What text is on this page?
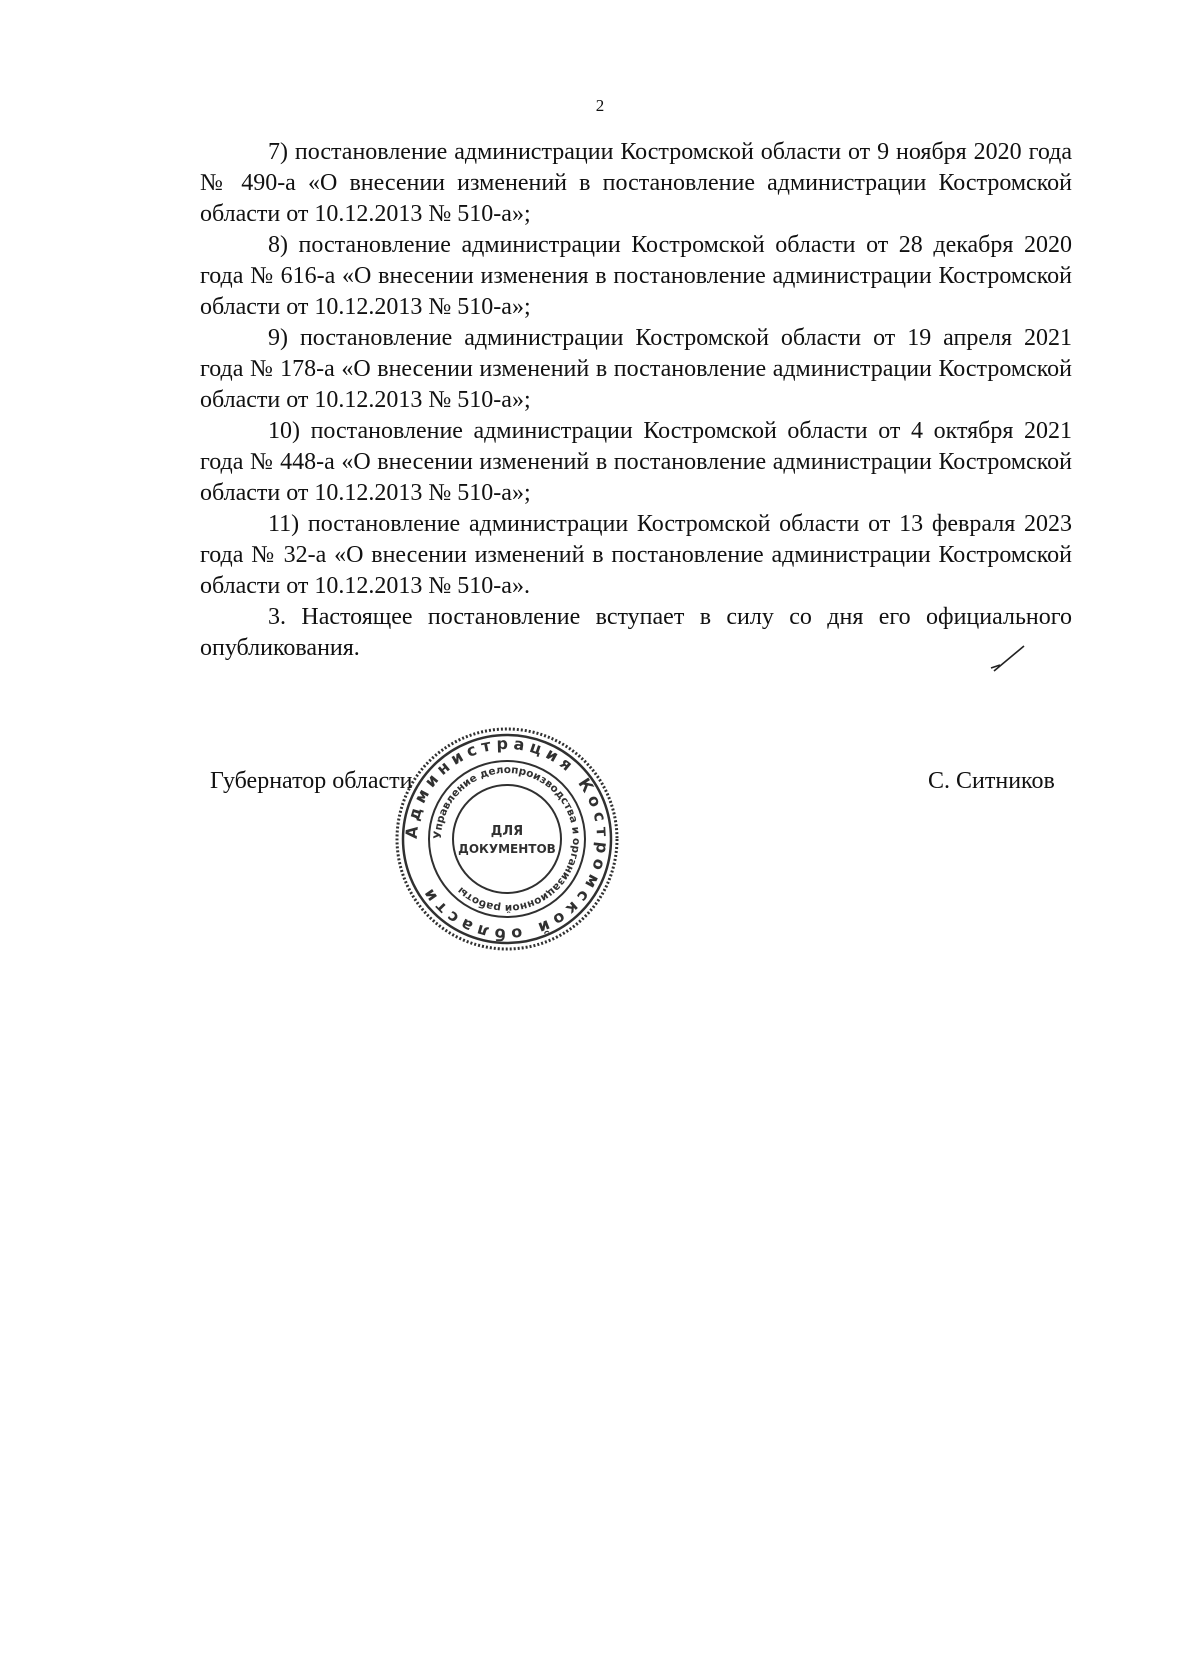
2

7) постановление администрации Костромской области от 9 ноября 2020 года № 490-а «О внесении изменений в постановление администрации Костромской области от 10.12.2013 № 510-а»;

8) постановление администрации Костромской области от 28 декабря 2020 года № 616-а «О внесении изменения в постановление администрации Костромской области от 10.12.2013 № 510-а»;

9) постановление администрации Костромской области от 19 апреля 2021 года № 178-а «О внесении изменений в постановление администрации Костромской области от 10.12.2013 № 510-а»;

10) постановление администрации Костромской области от 4 октября 2021 года № 448-а «О внесении изменений в постановление администрации Костромской области от 10.12.2013 № 510-а»;

11) постановление администрации Костромской области от 13 февраля 2023 года № 32-а «О внесении изменений в постановление администрации Костромской области от 10.12.2013 № 510-а».

3. Настоящее постановление вступает в силу со дня его официального опубликования.

Губернатор области	С. Ситников
Администрация Костромской области
Управление делопроизводства и организационной работы
ДЛЯ
ДОКУМЕНТОВ
